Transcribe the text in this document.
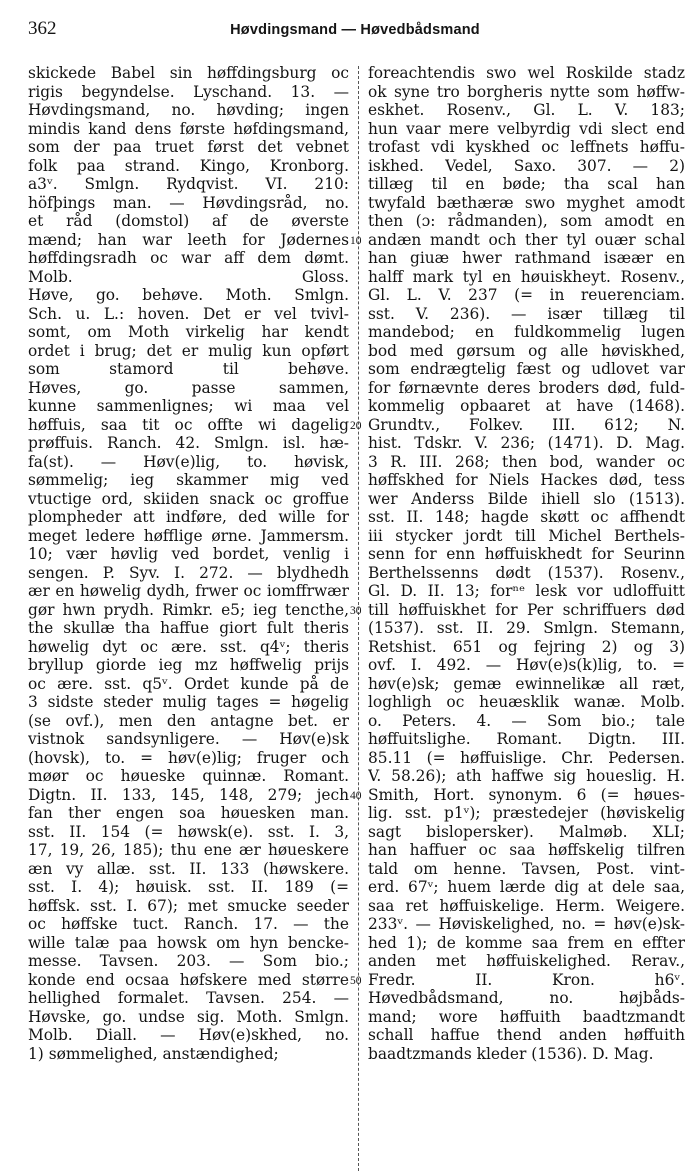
362	Høvdingsmand — Høvedbådsmand
skickede Babel sin høffdingsburg oc
rigis begyndelse. Lyschand. 13. —
Høvdingsmand, no. høvding; ingen
mindis kand dens første høfdingsmand,
som der paa truet først det vebnet
folk paa strand. Kingo, Kronborg.
a3ᵛ. Smlgn. Rydqvist. VI. 210:
höfþings man. — Høvdingsråd, no.
et råd (domstol) af de øverste
mænd; han war leeth for Jødernes
høffdingsradh oc war aff dem dømt.
Molb. Gloss.
Høve, go. behøve. Moth. Smlgn.
Sch. u. L.: hoven. Det er vel tvivl-
somt, om Moth virkelig har kendt
ordet i brug; det er mulig kun opført
som stamord til behøve.
Høves, go. passe sammen,
kunne sammenlignes; wi maa vel
høffuis, saa tit oc offte wi dagelig
prøffuis. Ranch. 42. Smlgn. isl. hæ-
fa(st). — Høv(e)lig, to. høvisk,
sømmelig; ieg skammer mig ved
vtuctige ord, skiiden snack oc groffue
plompheder att indføre, ded wille for
meget ledere høfflige ørne. Jammersm.
10; vær høvlig ved bordet, venlig i
sengen. P. Syv. I. 272. — blydhedh
ær en høwelig dydh, frwer oc iomffrwær
gør hwn prydh. Rimkr. e5; ieg tencthe,
the skullæ tha haffue giort fult theris
høwelig dyt oc ære. sst. q4ᵛ; theris
bryllup giorde ieg mz høffwelig prijs
oc ære. sst. q5ᵛ. Ordet kunde på de
3 sidste steder mulig tages = høgelig
(se ovf.), men den antagne bet. er
vistnok sandsynligere. — Høv(e)sk
(hovsk), to. = høv(e)lig; fruger och
møør oc høueske quinnæ. Romant.
Digtn. II. 133, 145, 148, 279; jech
fan ther engen soa høuesken man.
sst. II. 154 (= høwsk(e). sst. I. 3,
17, 19, 26, 185); thu ene ær høueskere
æn vy allæ. sst. II. 133 (høwskere.
sst. I. 4); høuisk. sst. II. 189 (=
høffsk. sst. I. 67); met smucke seeder
oc høffske tuct. Ranch. 17. — the
wille talæ paa howsk om hyn bencke-
messe. Tavsen. 203. — Som bio.;
konde end ocsaa høfskere med større
hellighed formalet. Tavsen. 254. —
Høvske, go. undse sig. Moth. Smlgn.
Molb. Diall. — Høv(e)skhed, no.
1) sømmelighed, anstændighed;
10
20
30
40
50
foreachtendis swo wel Roskilde stadz
ok syne tro borgheris nytte som høffw-
eskhet. Rosenv., Gl. L. V. 183;
hun vaar mere velbyrdig vdi slect end
trofast vdi kyskhed oc leffnets høffu-
iskhed. Vedel, Saxo. 307. — 2)
tillæg til en bøde; tha scal han
twyfald bæthæræ swo myghet amodt
then (ɔ: rådmanden), som amodt en
andæn mandt och ther tyl ouær schal
han giuæ hwer rathmand isæær en
halff mark tyl en høuiskheyt. Rosenv.,
Gl. L. V. 237 (= in reuerenciam.
sst. V. 236). — især tillæg til
mandebod; en fuldkommelig lugen
bod med gørsum og alle høviskhed,
som endrægtelig fæst og udlovet var
for førnævnte deres broders død, fuld-
kommelig opbaaret at have (1468).
Grundtv., Folkev. III. 612; N.
hist. Tdskr. V. 236; (1471). D. Mag.
3 R. III. 268; then bod, wander oc
høffskhed for Niels Hackes død, tess
wer Anderss Bilde ihiell slo (1513).
sst. II. 148; hagde skøtt oc affhendt
iii stycker jordt till Michel Berthels-
senn for enn høffuiskhedt for Seurinn
Berthelssenns dødt (1537). Rosenv.,
Gl. D. II. 13; forⁿᵉ lesk vor udloffuitt
till høffuiskhet for Per schriffuers død
(1537). sst. II. 29. Smlgn. Stemann,
Retshist. 651 og fejring 2) og 3)
ovf. I. 492. — Høv(e)s(k)lig, to. =
høv(e)sk; gemæ ewinnelikæ all ræt,
loghligh oc heuæsklik wanæ. Molb.
o. Peters. 4. — Som bio.; tale
høffuitslighe. Romant. Digtn. III.
85.11 (= høffuislige. Chr. Pedersen.
V. 58.26); ath haffwe sig houeslig. H.
Smith, Hort. synonym. 6 (= høues-
lig. sst. p1ᵛ); præstedejer (høviskelig
sagt bislopersker). Malmøb. XLI;
han haffuer oc saa høffskelig tilfren
tald om henne. Tavsen, Post. vint-
erd. 67ᵛ; huem lærde dig at dele saa,
saa ret høffuiskelige. Herm. Weigere.
233ᵛ. — Høviskelighed, no. = høv(e)sk-
hed 1); de komme saa frem en effter
anden met høffuiskelighed. Rerav.,
Fredr. II. Kron. h6ᵛ.
Høvedbådsmand, no. højbåds-
mand; wore høffuith baadtzmandt
schall haffue thend anden høffuith
baadtzmands kleder (1536). D. Mag.
